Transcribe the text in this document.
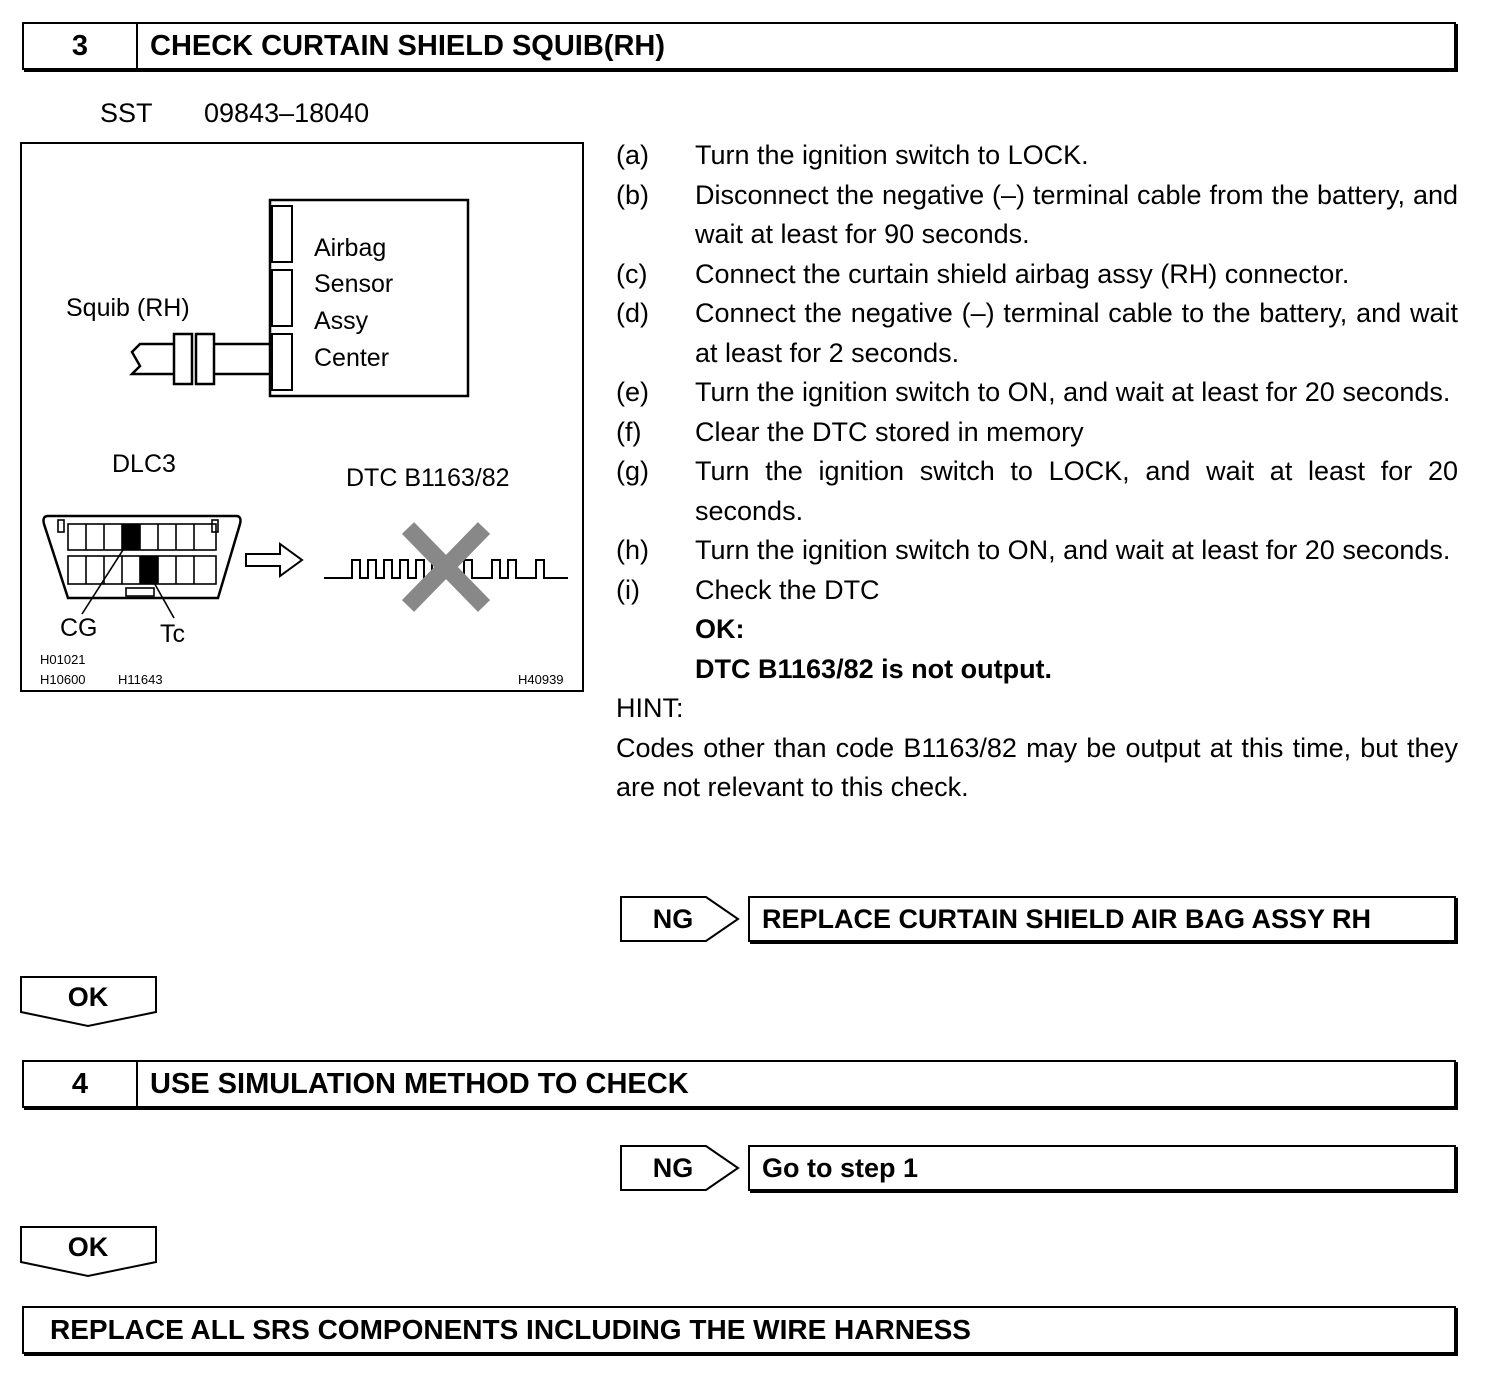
3	CHECK CURTAIN SHIELD SQUIB(RH)
SST 09843–18040
Squib (RH)
Airbag
Sensor
Assy
Center
DLC3	DTC B1163/82
CG	Tc
H01021
H10600 H11643	H40939
(a)	Turn the ignition switch to LOCK.
(b)	Disconnect the negative (–) terminal cable from the battery, and wait at least for 90 seconds.
(c)	Connect the curtain shield airbag assy (RH) connector.
(d)	Connect the negative (–) terminal cable to the battery, and wait at least for 2 seconds.
(e)	Turn the ignition switch to ON, and wait at least for 20 seconds.
(f)	Clear the DTC stored in memory
(g)	Turn the ignition switch to LOCK, and wait at least for 20 seconds.
(h)	Turn the ignition switch to ON, and wait at least for 20 seconds.
(i)	Check the DTC
OK:
DTC B1163/82 is not output.
HINT:
Codes other than code B1163/82 may be output at this time, but they are not relevant to this check.
NG	REPLACE CURTAIN SHIELD AIR BAG ASSY RH
OK
4	USE SIMULATION METHOD TO CHECK
NG	Go to step 1
OK
REPLACE ALL SRS COMPONENTS INCLUDING THE WIRE HARNESS
